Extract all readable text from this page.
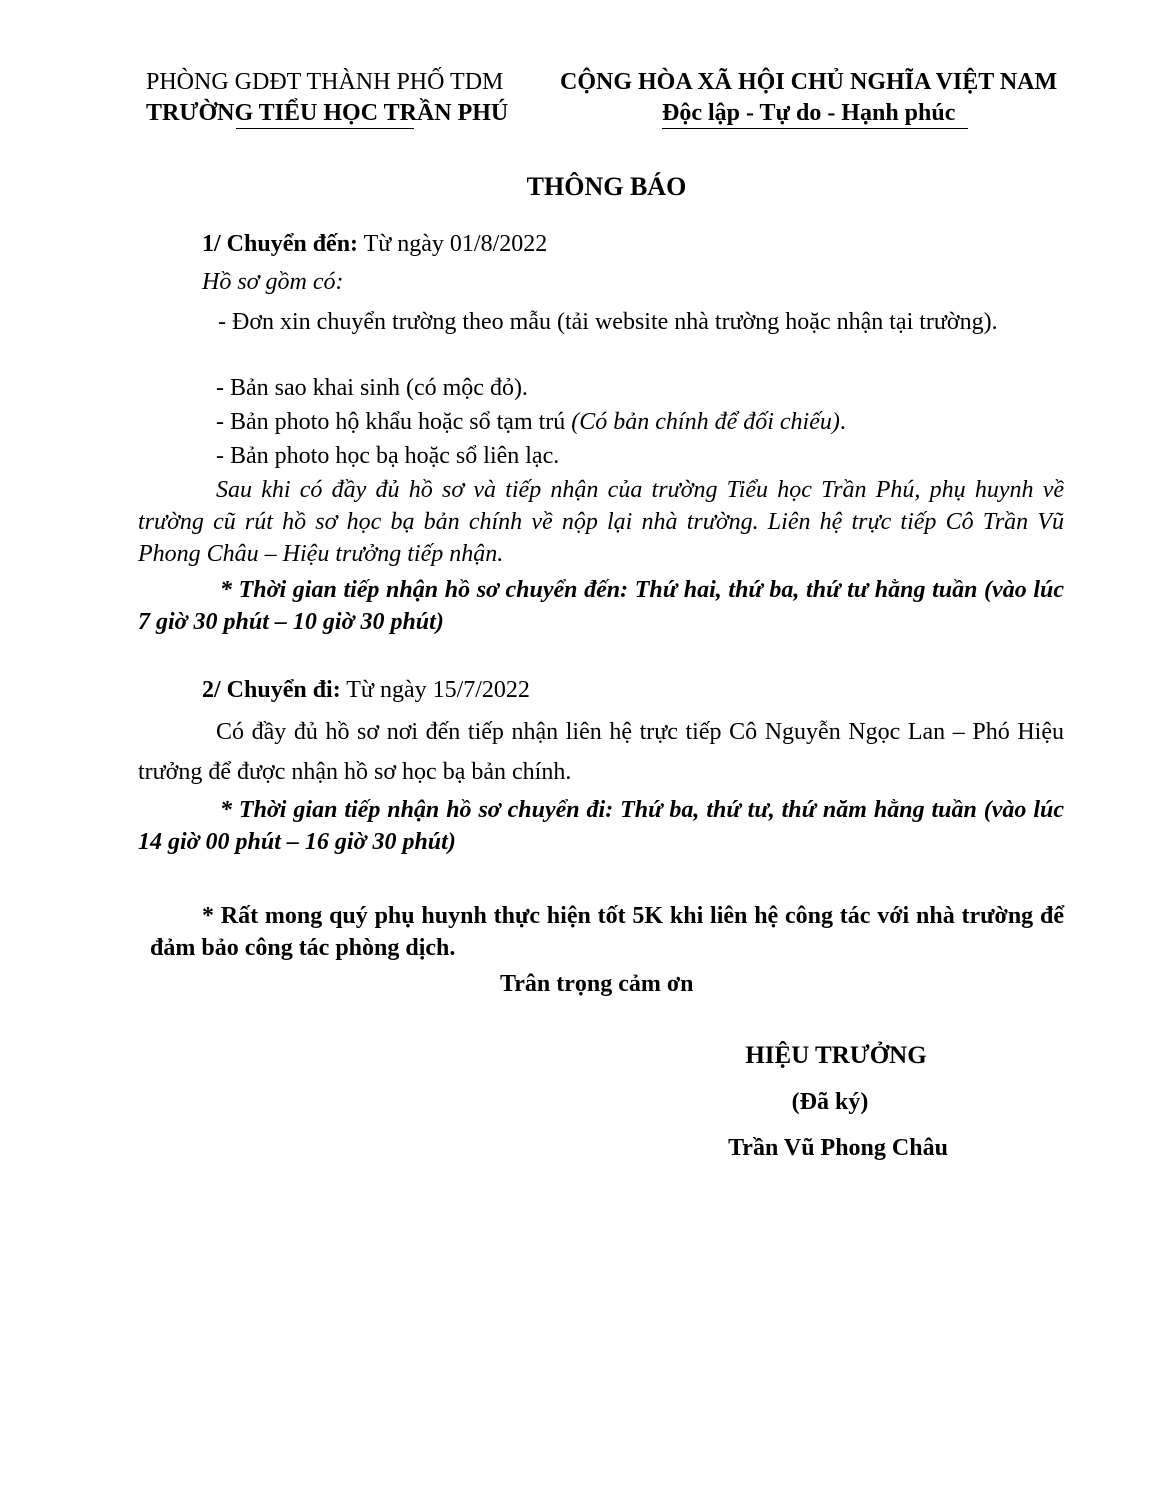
PHÒNG GDĐT THÀNH PHỐ TDM
TRƯỜNG TIỂU HỌC TRẦN PHÚ
CỘNG HÒA XÃ HỘI CHỦ NGHĨA VIỆT NAM
Độc lập - Tự do - Hạnh phúc
THÔNG BÁO
1/ Chuyển đến: Từ ngày 01/8/2022
Hồ sơ gồm có:
- Đơn xin chuyển trường theo mẫu (tải website nhà trường hoặc nhận tại trường).
- Bản sao khai sinh (có mộc đỏ).
- Bản photo hộ khẩu hoặc sổ tạm trú (Có bản chính để đối chiếu).
- Bản photo học bạ hoặc sổ liên lạc.
Sau khi có đầy đủ hồ sơ và tiếp nhận của trường Tiểu học Trần Phú, phụ huynh về trường cũ rút hồ sơ học bạ bản chính về nộp lại nhà trường. Liên hệ trực tiếp Cô Trần Vũ Phong Châu – Hiệu trưởng tiếp nhận.
* Thời gian tiếp nhận hồ sơ chuyển đến: Thứ hai, thứ ba, thứ tư hằng tuần (vào lúc 7 giờ 30 phút – 10 giờ 30 phút)
2/ Chuyển đi: Từ ngày 15/7/2022
Có đầy đủ hồ sơ nơi đến tiếp nhận liên hệ trực tiếp Cô Nguyễn Ngọc Lan – Phó Hiệu trưởng để được nhận hồ sơ học bạ bản chính.
* Thời gian tiếp nhận hồ sơ chuyển đi: Thứ ba, thứ tư, thứ năm hằng tuần (vào lúc 14 giờ 00 phút – 16 giờ 30 phút)
* Rất mong quý phụ huynh thực hiện tốt 5K khi liên hệ công tác với nhà trường để đảm bảo công tác phòng dịch.
Trân trọng cảm ơn
HIỆU TRƯỞNG
(Đã ký)
Trần Vũ Phong Châu
